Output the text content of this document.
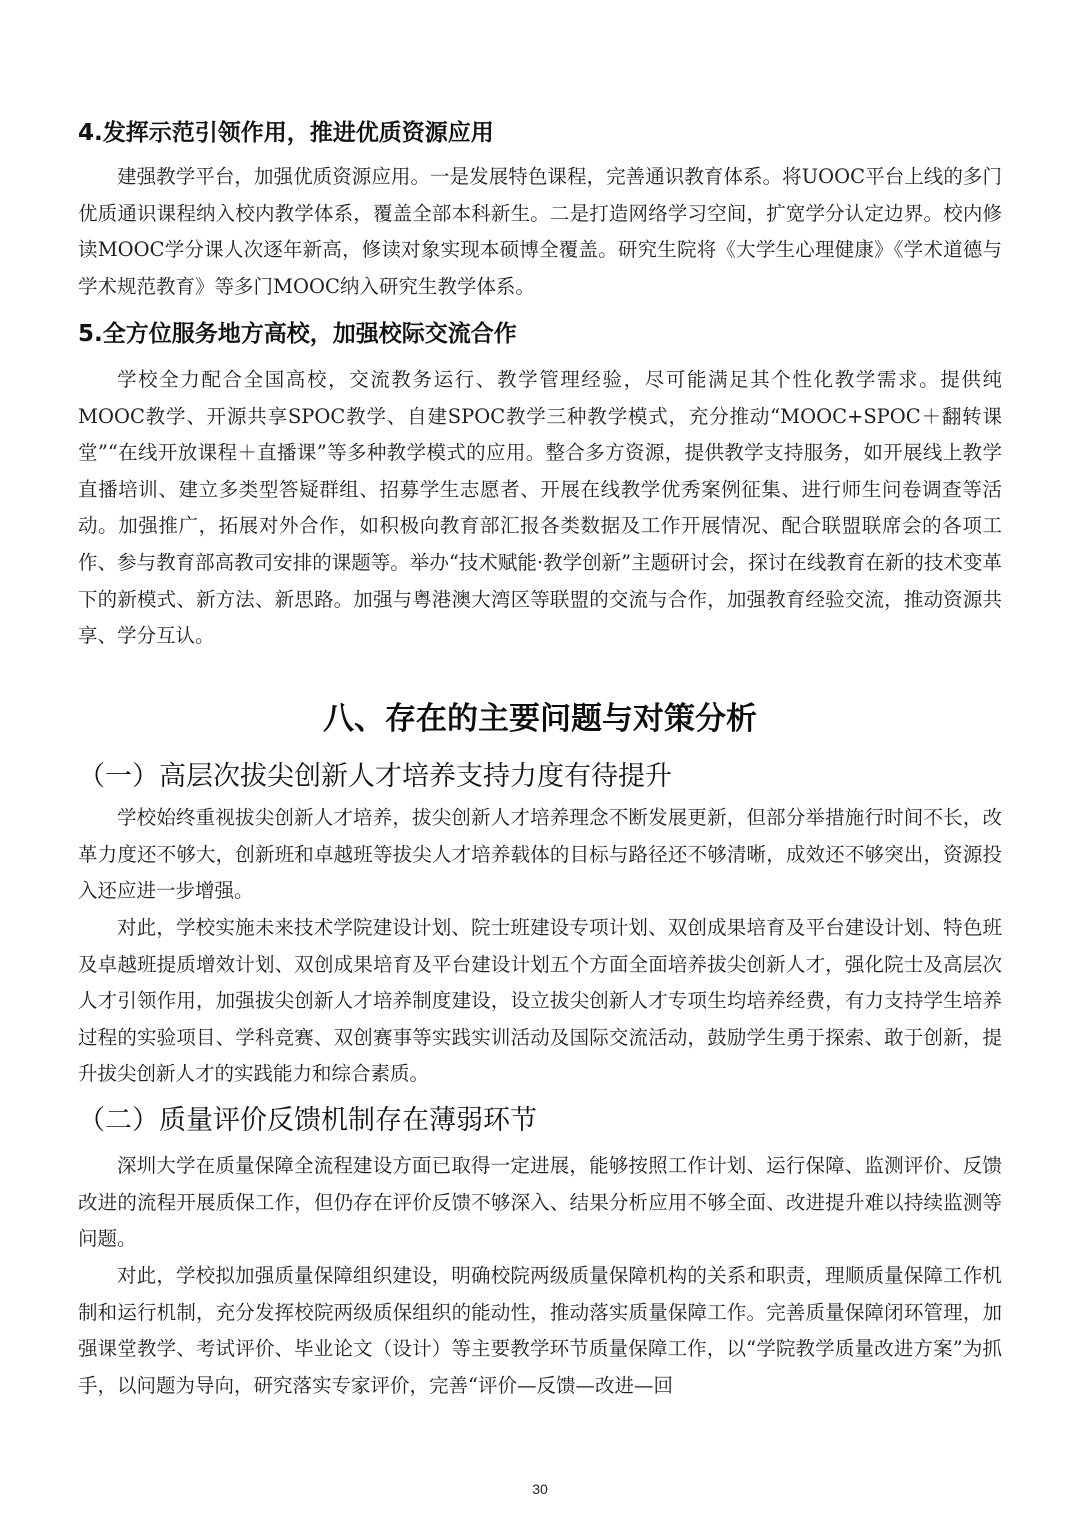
4.发挥示范引领作用，推进优质资源应用

建强教学平台，加强优质资源应用。一是发展特色课程，完善通识教育体系。将UOOC平台上线的多门优质通识课程纳入校内教学体系，覆盖全部本科新生。二是打造网络学习空间，扩宽学分认定边界。校内修读MOOC学分课人次逐年新高，修读对象实现本硕博全覆盖。研究生院将《大学生心理健康》《学术道德与学术规范教育》等多门MOOC纳入研究生教学体系。

5.全方位服务地方高校，加强校际交流合作

学校全力配合全国高校，交流教务运行、教学管理经验，尽可能满足其个性化教学需求。提供纯MOOC教学、开源共享SPOC教学、自建SPOC教学三种教学模式，充分推动“MOOC+SPOC＋翻转课堂”“在线开放课程＋直播课”等多种教学模式的应用。整合多方资源，提供教学支持服务，如开展线上教学直播培训、建立多类型答疑群组、招募学生志愿者、开展在线教学优秀案例征集、进行师生问卷调查等活动。加强推广，拓展对外合作，如积极向教育部汇报各类数据及工作开展情况、配合联盟联席会的各项工作、参与教育部高教司安排的课题等。举办“技术赋能·教学创新”主题研讨会，探讨在线教育在新的技术变革下的新模式、新方法、新思路。加强与粤港澳大湾区等联盟的交流与合作，加强教育经验交流，推动资源共享、学分互认。

八、存在的主要问题与对策分析
（一）高层次拔尖创新人才培养支持力度有待提升

学校始终重视拔尖创新人才培养，拔尖创新人才培养理念不断发展更新，但部分举措施行时间不长，改革力度还不够大，创新班和卓越班等拔尖人才培养载体的目标与路径还不够清晰，成效还不够突出，资源投入还应进一步增强。

对此，学校实施未来技术学院建设计划、院士班建设专项计划、双创成果培育及平台建设计划、特色班及卓越班提质增效计划、双创成果培育及平台建设计划五个方面全面培养拔尖创新人才，强化院士及高层次人才引领作用，加强拔尖创新人才培养制度建设，设立拔尖创新人才专项生均培养经费，有力支持学生培养过程的实验项目、学科竞赛、双创赛事等实践实训活动及国际交流活动，鼓励学生勇于探索、敢于创新，提升拔尖创新人才的实践能力和综合素质。

（二）质量评价反馈机制存在薄弱环节

深圳大学在质量保障全流程建设方面已取得一定进展，能够按照工作计划、运行保障、监测评价、反馈改进的流程开展质保工作，但仍存在评价反馈不够深入、结果分析应用不够全面、改进提升难以持续监测等问题。

对此，学校拟加强质量保障组织建设，明确校院两级质量保障机构的关系和职责，理顺质量保障工作机制和运行机制，充分发挥校院两级质保组织的能动性，推动落实质量保障工作。完善质量保障闭环管理，加强课堂教学、考试评价、毕业论文（设计）等主要教学环节质量保障工作，以“学院教学质量改进方案”为抓手，以问题为导向，研究落实专家评价，完善“评价—反馈—改进—回

30
